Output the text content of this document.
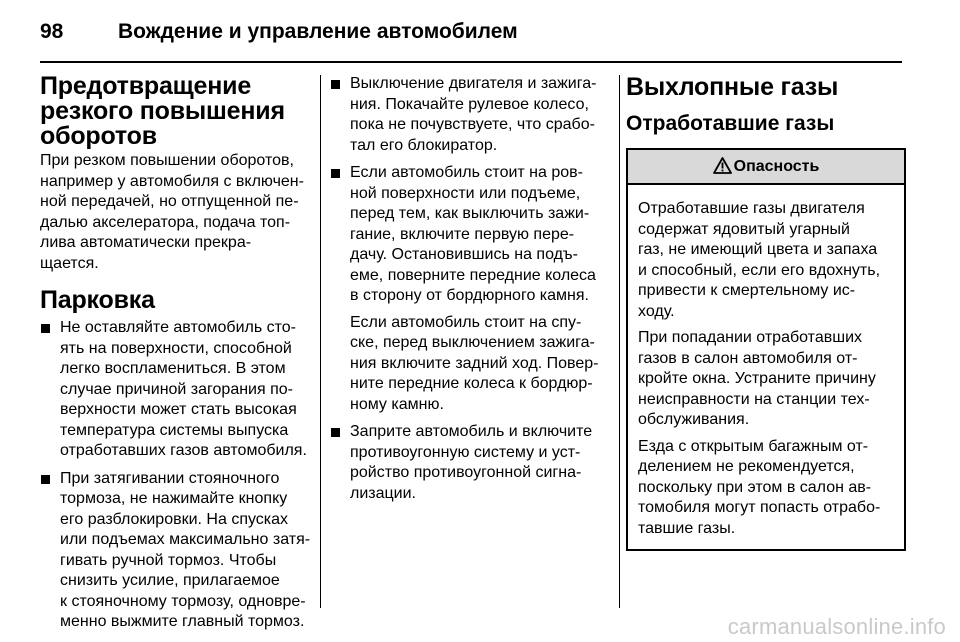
98	Вождение и управление автомобилем
Предотвращение
резкого повышения
оборотов

При резком повышении оборотов,
например у автомобиля с включен-
ной передачей, но отпущенной пе-
далью акселератора, подача топ-
лива автоматически прекра-
щается.

Парковка
Не оставляйте автомобиль сто-
ять на поверхности, способной
легко воспламениться. В этом
случае причиной загорания по-
верхности может стать высокая
температура системы выпуска
отработавших газов автомобиля.
При затягивании стояночного
тормоза, не нажимайте кнопку
его разблокировки. На спусках
или подъемах максимально затя-
гивать ручной тормоз. Чтобы
снизить усилие, прилагаемое
к стояночному тормозу, одновре-
менно выжмите главный тормоз.
Выключение двигателя и зажига-
ния. Покачайте рулевое колесо,
пока не почувствуете, что срабо-
тал его блокиратор.
Если автомобиль стоит на ров-
ной поверхности или подъеме,
перед тем, как выключить зажи-
гание, включите первую пере-
дачу. Остановившись на подъ-
еме, поверните передние колеса
в сторону от бордюрного камня.
Если автомобиль стоит на спу-
ске, перед выключением зажига-
ния включите задний ход. Повер-
ните передние колеса к бордюр-
ному камню.
Заприте автомобиль и включите
противоугонную систему и уст-
ройство противоугонной сигна-
лизации.
Выхлопные газы
Отработавшие газы
Опасность

Отработавшие газы двигателя
содержат ядовитый угарный
газ, не имеющий цвета и запаха
и способный, если его вдохнуть,
привести к смертельному ис-
ходу.

При попадании отработавших
газов в салон автомобиля от-
кройте окна. Устраните причину
неисправности на станции тех-
обслуживания.

Езда с открытым багажным от-
делением не рекомендуется,
поскольку при этом в салон ав-
томобиля могут попасть отрабо-
тавшие газы.

carmanualsonline.info
